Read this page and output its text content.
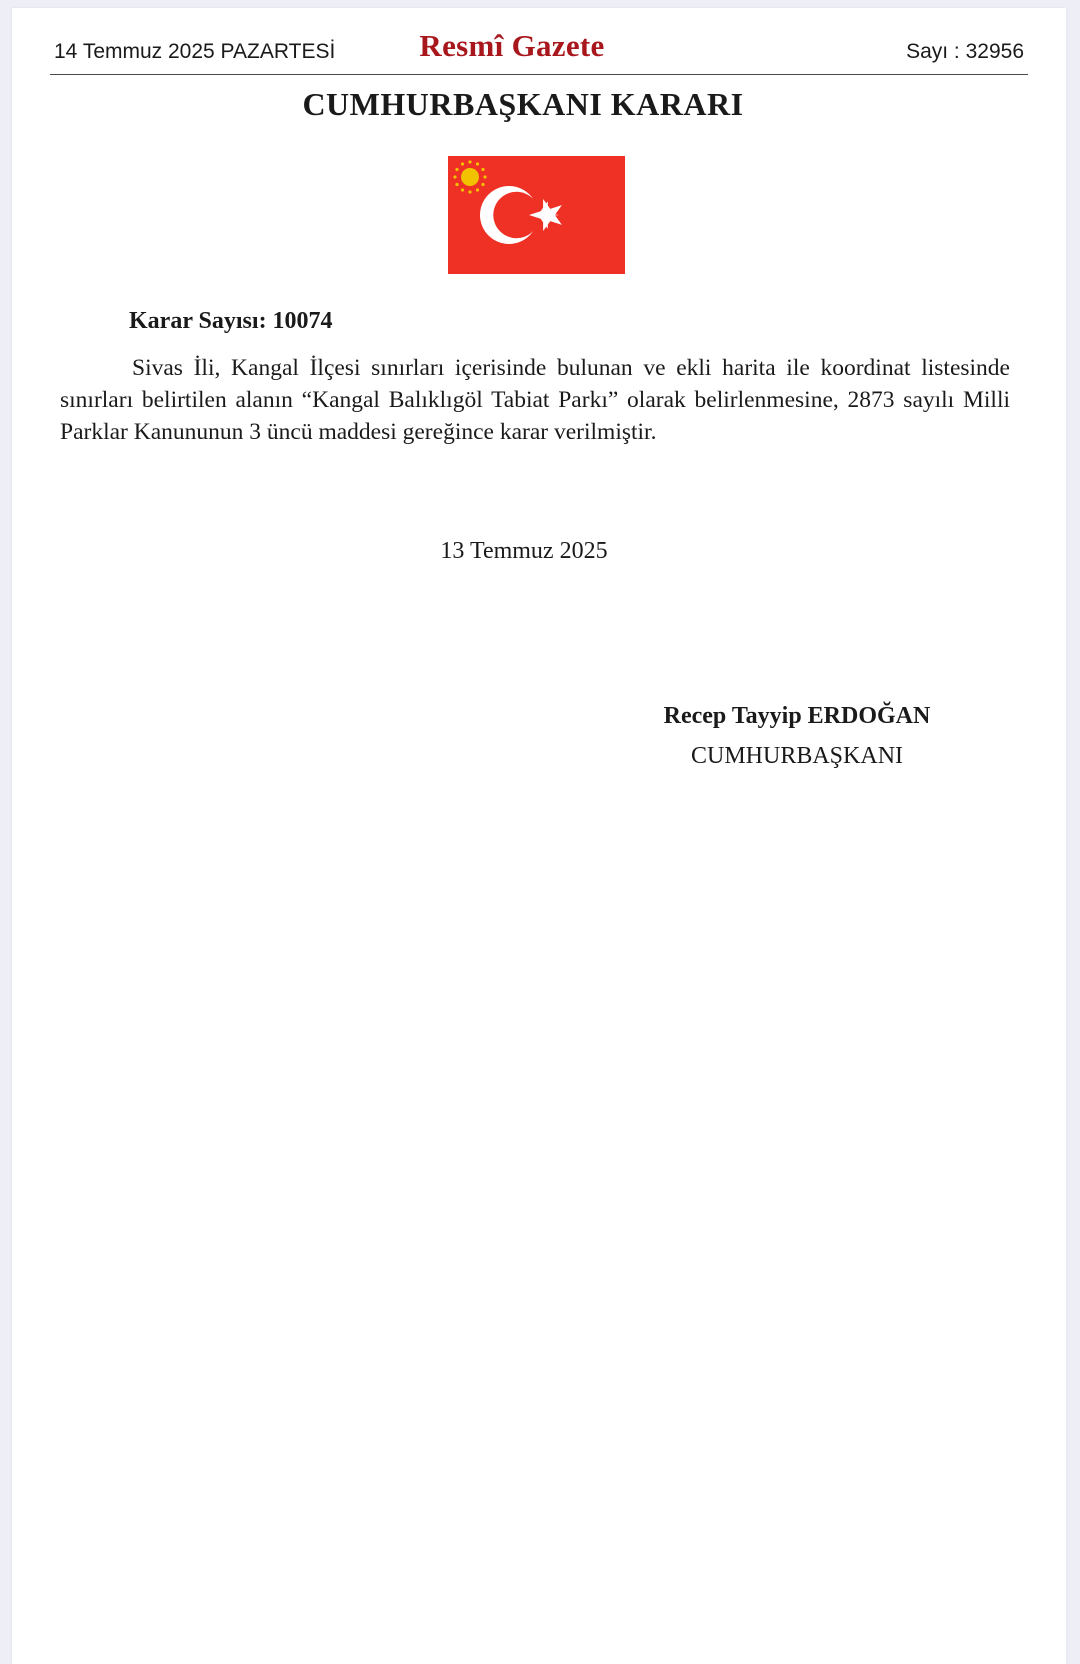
14 Temmuz 2025 PAZARTESİ	Resmî Gazete	Sayı : 32956
CUMHURBAŞKANI KARARI
Karar Sayısı: 10074
Sivas İli, Kangal İlçesi sınırları içerisinde bulunan ve ekli harita ile koordinat listesinde sınırları belirtilen alanın “Kangal Balıklıgöl Tabiat Parkı” olarak belirlenmesine, 2873 sayılı Milli Parklar Kanununun 3 üncü maddesi gereğince karar verilmiştir.
13 Temmuz 2025
Recep Tayyip ERDOĞAN
CUMHURBAŞKANI
